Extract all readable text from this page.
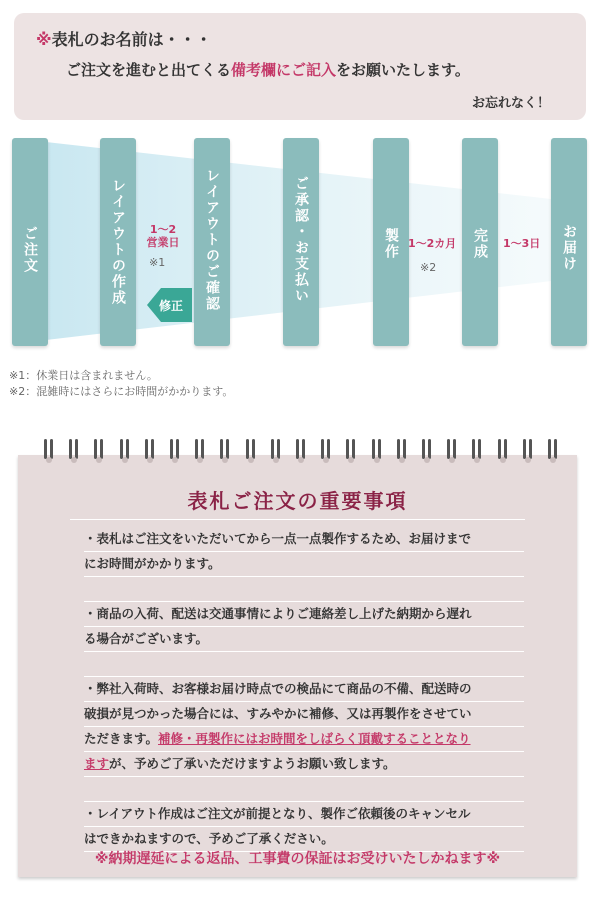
※表札のお名前は・・・
ご注文を進むと出てくる備考欄にご記入をお願いたします。
お忘れなく！
ご注文	レイアウトの作成	レイアウトのご確認	ご承認・お支払い	製作	完成	お届け
1〜2
営業日
※1
1〜2カ月
※2
1〜3日
修正
※1：休業日は含まれません。
※2：混雑時にはさらにお時間がかかります。
表札ご注文の重要事項
・表札はご注文をいただいてから一点一点製作するため、お届けまで
にお時間がかかります。
・商品の入荷、配送は交通事情によりご連絡差し上げた納期から遅れ
る場合がございます。
・弊社入荷時、お客様お届け時点での検品にて商品の不備、配送時の
破損が見つかった場合には、すみやかに補修、又は再製作をさせてい
ただきます。補修・再製作にはお時間をしばらく頂戴することとなり
ますが、予めご了承いただけますようお願い致します。
・レイアウト作成はご注文が前提となり、製作ご依頼後のキャンセル
はできかねますので、予めご了承ください。
※納期遅延による返品、工事費の保証はお受けいたしかねます※
